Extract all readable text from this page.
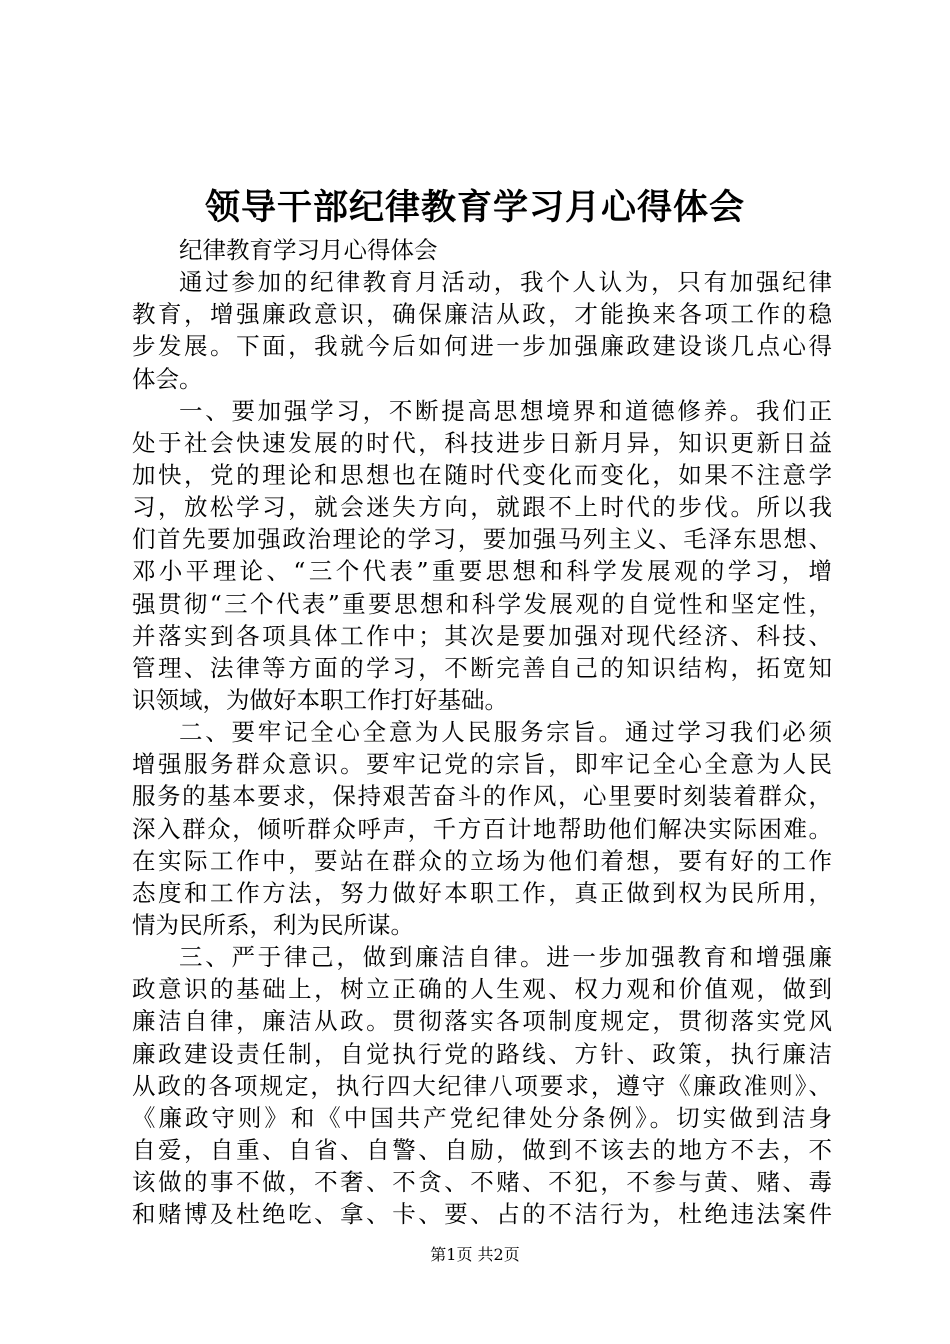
领导干部纪律教育学习月心得体会
纪律教育学习月心得体会
通过参加的纪律教育月活动，我个人认为，只有加强纪律
教育，增强廉政意识，确保廉洁从政，才能换来各项工作的稳
步发展。下面，我就今后如何进一步加强廉政建设谈几点心得
体会。
一、要加强学习，不断提高思想境界和道德修养。我们正
处于社会快速发展的时代，科技进步日新月异，知识更新日益
加快，党的理论和思想也在随时代变化而变化，如果不注意学
习，放松学习，就会迷失方向，就跟不上时代的步伐。所以我
们首先要加强政治理论的学习，要加强马列主义、毛泽东思想、
邓小平理论、“三个代表”重要思想和科学发展观的学习，增
强贯彻“三个代表”重要思想和科学发展观的自觉性和坚定性，
并落实到各项具体工作中；其次是要加强对现代经济、科技、
管理、法律等方面的学习，不断完善自己的知识结构，拓宽知
识领域，为做好本职工作打好基础。
二、要牢记全心全意为人民服务宗旨。通过学习我们必须
增强服务群众意识。要牢记党的宗旨，即牢记全心全意为人民
服务的基本要求，保持艰苦奋斗的作风，心里要时刻装着群众，
深入群众，倾听群众呼声，千方百计地帮助他们解决实际困难。
在实际工作中，要站在群众的立场为他们着想，要有好的工作
态度和工作方法，努力做好本职工作，真正做到权为民所用，
情为民所系，利为民所谋。
三、严于律己，做到廉洁自律。进一步加强教育和增强廉
政意识的基础上，树立正确的人生观、权力观和价值观，做到
廉洁自律，廉洁从政。贯彻落实各项制度规定，贯彻落实党风
廉政建设责任制，自觉执行党的路线、方针、政策，执行廉洁
从政的各项规定，执行四大纪律八项要求，遵守《廉政准则》、
《廉政守则》和《中国共产党纪律处分条例》。切实做到洁身
自爱，自重、自省、自警、自励，做到不该去的地方不去，不
该做的事不做，不奢、不贪、不赌、不犯，不参与黄、赌、毒
和赌博及杜绝吃、拿、卡、要、占的不洁行为，杜绝违法案件
第1页 共2页
